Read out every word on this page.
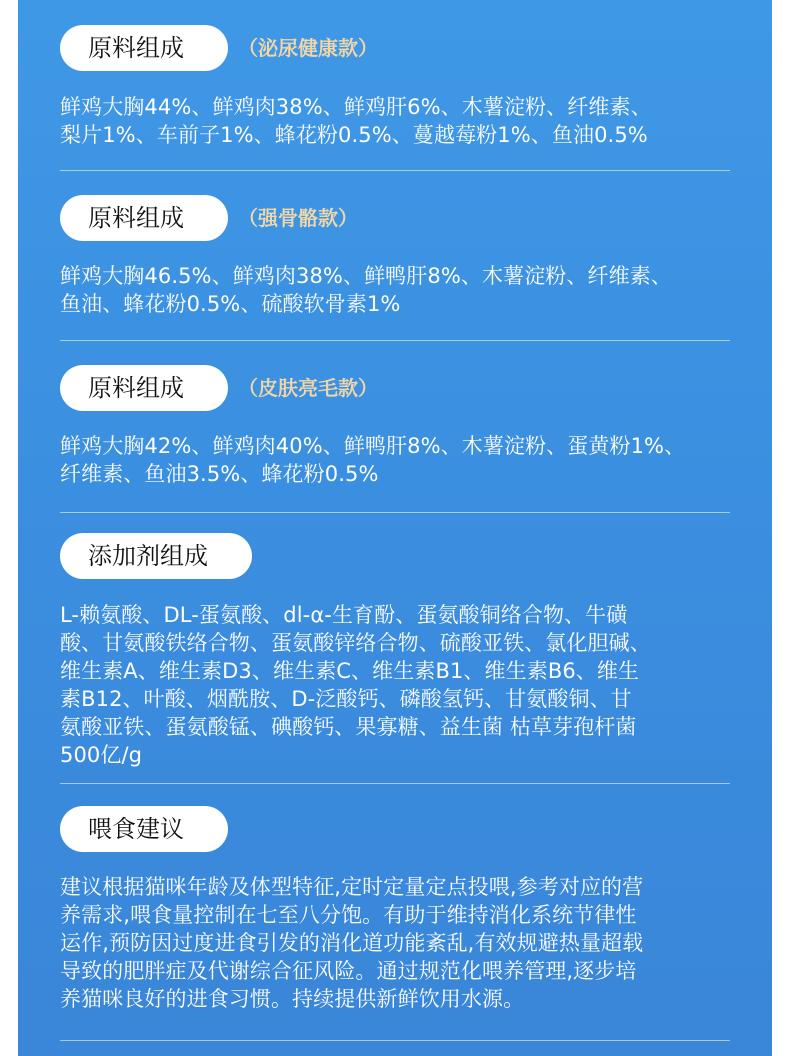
原料组成	（泌尿健康款）
鲜鸡大胸44%、鲜鸡肉38%、鲜鸡肝6%、木薯淀粉、纤维素、
梨片1%、车前子1%、蜂花粉0.5%、蔓越莓粉1%、鱼油0.5%
原料组成	（强骨骼款）
鲜鸡大胸46.5%、鲜鸡肉38%、鲜鸭肝8%、木薯淀粉、纤维素、
鱼油、蜂花粉0.5%、硫酸软骨素1%
原料组成	（皮肤亮毛款）
鲜鸡大胸42%、鲜鸡肉40%、鲜鸭肝8%、木薯淀粉、蛋黄粉1%、
纤维素、鱼油3.5%、蜂花粉0.5%
添加剂组成
L-赖氨酸、DL-蛋氨酸、dl-α-生育酚、蛋氨酸铜络合物、牛磺
酸、甘氨酸铁络合物、蛋氨酸锌络合物、硫酸亚铁、氯化胆碱、
维生素A、维生素D3、维生素C、维生素B1、维生素B6、维生
素B12、叶酸、烟酰胺、D-泛酸钙、磷酸氢钙、甘氨酸铜、甘
氨酸亚铁、蛋氨酸锰、碘酸钙、果寡糖、益生菌 枯草芽孢杆菌
500亿/g
喂食建议
建议根据猫咪年龄及体型特征,定时定量定点投喂,参考对应的营
养需求,喂食量控制在七至八分饱。有助于维持消化系统节律性
运作,预防因过度进食引发的消化道功能紊乱,有效规避热量超载
导致的肥胖症及代谢综合征风险。通过规范化喂养管理,逐步培
养猫咪良好的进食习惯。持续提供新鲜饮用水源。
